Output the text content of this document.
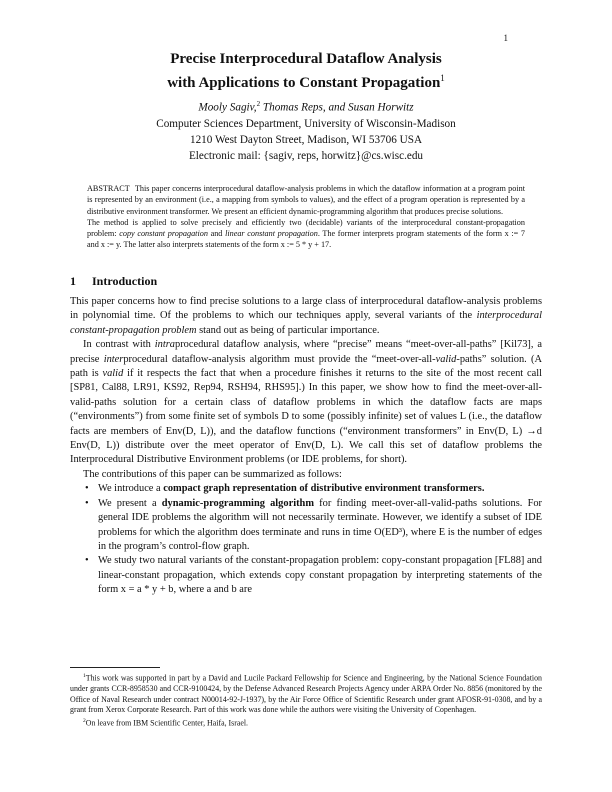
1
Precise Interprocedural Dataflow Analysis
with Applications to Constant Propagation$^1$
Mooly Sagiv,$^2$ Thomas Reps, and Susan Horwitz
Computer Sciences Department, University of Wisconsin-Madison
1210 West Dayton Street, Madison, WI 53706 USA
Electronic mail: {sagiv, reps, horwitz}@cs.wisc.edu

ABSTRACT This paper concerns interprocedural dataflow-analysis problems in which the dataflow information at a program point is represented by an environment (i.e., a mapping from symbols to values), and the effect of a program operation is represented by a distributive environment transformer. We present an efficient dynamic-programming algorithm that produces precise solutions.

The method is applied to solve precisely and efficiently two (decidable) variants of the interprocedural constant-propagation problem: copy constant propagation and linear constant propagation. The former interprets program statements of the form x := 7 and x := y. The latter also interprets statements of the form x := 5 * y + 17.

1 Introduction

This paper concerns how to find precise solutions to a large class of interprocedural dataflow-analysis problems in polynomial time. Of the problems to which our techniques apply, several variants of the interprocedural constant-propagation problem stand out as being of particular importance.

In contrast with intraprocedural dataflow analysis, where “precise” means “meet-over-all-paths” [Kil73], a precise interprocedural dataflow-analysis algorithm must provide the “meet-over-all-valid-paths” solution. (A path is valid if it respects the fact that when a procedure finishes it returns to the site of the most recent call [SP81, Cal88, LR91, KS92, Rep94, RSH94, RHS95].) In this paper, we show how to find the meet-over-all-valid-paths solution for a certain class of dataflow problems in which the dataflow facts are maps (“environments”) from some finite set of symbols D to some (possibly infinite) set of values L (i.e., the dataflow facts are members of Env(D, L)), and the dataflow functions (“environment transformers” in Env(D, L) →d Env(D, L)) distribute over the meet operator of Env(D, L). We call this set of dataflow problems the Interprocedural Distributive Environment problems (or IDE problems, for short).

The contributions of this paper can be summarized as follows:

• We introduce a compact graph representation of distributive environment transformers.
• We present a dynamic-programming algorithm for finding meet-over-all-valid-paths solutions. For general IDE problems the algorithm will not necessarily terminate. However, we identify a subset of IDE problems for which the algorithm does terminate and runs in time O(ED³), where E is the number of edges in the program’s control-flow graph.
• We study two natural variants of the constant-propagation problem: copy-constant propagation [FL88] and linear-constant propagation, which extends copy constant propagation by interpreting statements of the form x = a * y + b, where a and b are

$^1$This work was supported in part by a David and Lucile Packard Fellowship for Science and Engineering, by the National Science Foundation under grants CCR-8958530 and CCR-9100424, by the Defense Advanced Research Projects Agency under ARPA Order No. 8856 (monitored by the Office of Naval Research under contract N00014-92-J-1937), by the Air Force Office of Scientific Research under grant AFOSR-91-0308, and by a grant from Xerox Corporate Research. Part of this work was done while the authors were visiting the University of Copenhagen.

$^2$On leave from IBM Scientific Center, Haifa, Israel.
